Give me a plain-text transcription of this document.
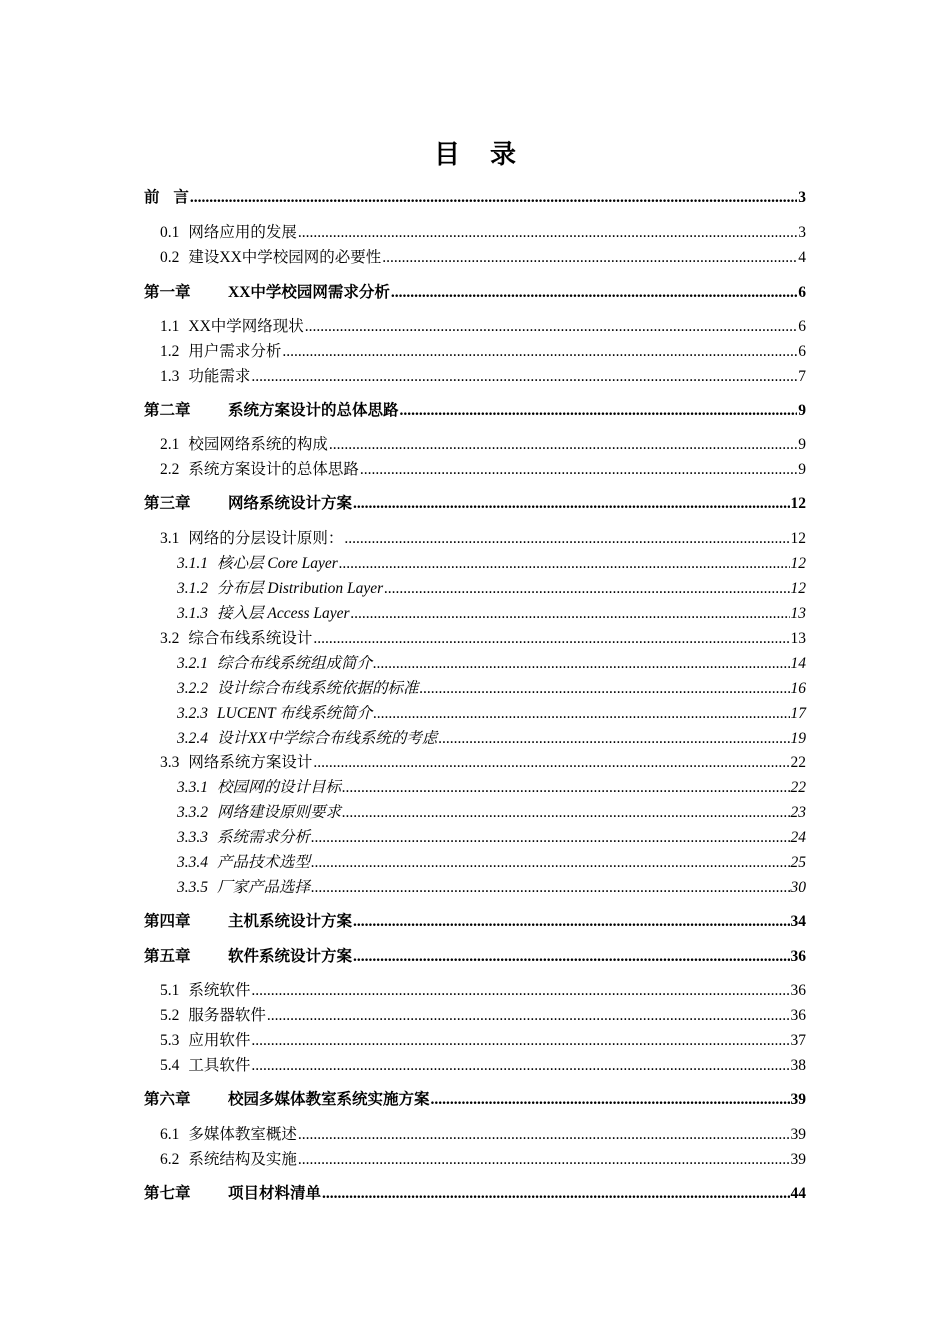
目 录
前 言 .....	3
0.1 网络应用的发展 .....	3
0.2 建设XX中学校园网的必要性 .....	4
第一章 XX中学校园网需求分析 .....	6
1.1 XX中学网络现状 .....	6
1.2 用户需求分析 .....	6
1.3 功能需求 .....	7
第二章 系统方案设计的总体思路 .....	9
2.1 校园网络系统的构成 .....	9
2.2 系统方案设计的总体思路 .....	9
第三章 网络系统设计方案 .....	12
3.1 网络的分层设计原则： .....	12
3.1.1 核心层 Core Layer .....	12
3.1.2 分布层 Distribution Layer .....	12
3.1.3 接入层 Access Layer .....	13
3.2 综合布线系统设计 .....	13
3.2.1 综合布线系统组成简介 .....	14
3.2.2 设计综合布线系统依据的标准 .....	16
3.2.3 LUCENT 布线系统简介 .....	17
3.2.4 设计XX中学综合布线系统的考虑 .....	19
3.3 网络系统方案设计 .....	22
3.3.1 校园网的设计目标 .....	22
3.3.2 网络建设原则要求 .....	23
3.3.3 系统需求分析 .....	24
3.3.4 产品技术选型 .....	25
3.3.5 厂家产品选择 .....	30
第四章 主机系统设计方案 .....	34
第五章 软件系统设计方案 .....	36
5.1 系统软件 .....	36
5.2 服务器软件 .....	36
5.3 应用软件 .....	37
5.4 工具软件 .....	38
第六章 校园多媒体教室系统实施方案 .....	39
6.1 多媒体教室概述 .....	39
6.2 系统结构及实施 .....	39
第七章 项目材料清单 .....	44
